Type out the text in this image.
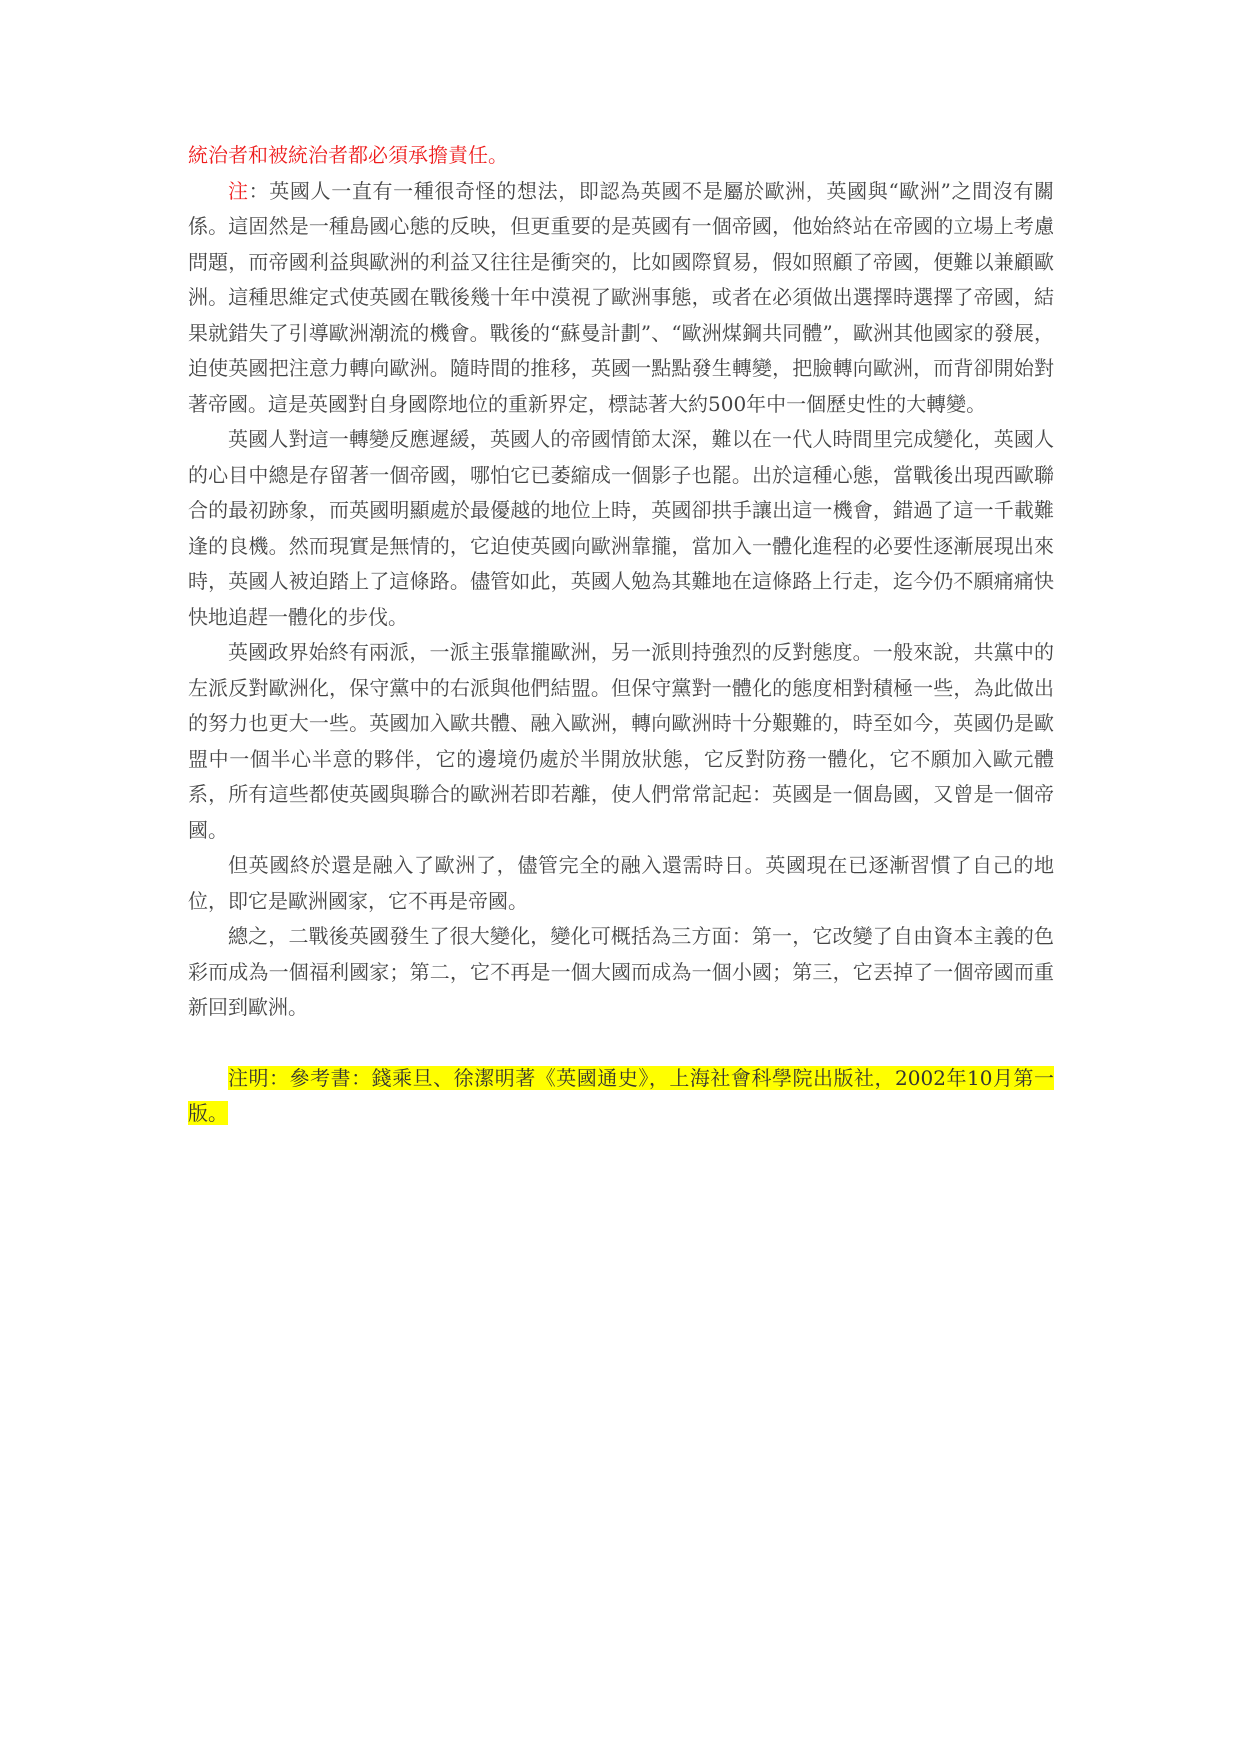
統治者和被統治者都必須承擔責任。

注：英國人一直有一種很奇怪的想法，即認為英國不是屬於歐洲，英國與“歐洲”之間沒有關係。這固然是一種島國心態的反映，但更重要的是英國有一個帝國，他始終站在帝國的立場上考慮問題，而帝國利益與歐洲的利益又往往是衝突的，比如國際貿易，假如照顧了帝國，便難以兼顧歐洲。這種思維定式使英國在戰後幾十年中漠視了歐洲事態，或者在必須做出選擇時選擇了帝國，結果就錯失了引導歐洲潮流的機會。戰後的“蘇曼計劃”、“歐洲煤鋼共同體”，歐洲其他國家的發展，迫使英國把注意力轉向歐洲。隨時間的推移，英國一點點發生轉變，把臉轉向歐洲，而背卻開始對著帝國。這是英國對自身國際地位的重新界定，標誌著大約500年中一個歷史性的大轉變。

英國人對這一轉變反應遲緩，英國人的帝國情節太深，難以在一代人時間里完成變化，英國人的心目中總是存留著一個帝國，哪怕它已萎縮成一個影子也罷。出於這種心態，當戰後出現西歐聯合的最初跡象，而英國明顯處於最優越的地位上時，英國卻拱手讓出這一機會，錯過了這一千載難逢的良機。然而現實是無情的，它迫使英國向歐洲靠攏，當加入一體化進程的必要性逐漸展現出來時，英國人被迫踏上了這條路。儘管如此，英國人勉為其難地在這條路上行走，迄今仍不願痛痛快快地追趕一體化的步伐。

英國政界始終有兩派，一派主張靠攏歐洲，另一派則持強烈的反對態度。一般來說，共黨中的左派反對歐洲化，保守黨中的右派與他們結盟。但保守黨對一體化的態度相對積極一些，為此做出的努力也更大一些。英國加入歐共體、融入歐洲，轉向歐洲時十分艱難的，時至如今，英國仍是歐盟中一個半心半意的夥伴，它的邊境仍處於半開放狀態，它反對防務一體化，它不願加入歐元體系，所有這些都使英國與聯合的歐洲若即若離，使人們常常記起：英國是一個島國，又曾是一個帝國。

但英國終於還是融入了歐洲了，儘管完全的融入還需時日。英國現在已逐漸習慣了自己的地位，即它是歐洲國家，它不再是帝國。

總之，二戰後英國發生了很大變化，變化可概括為三方面：第一，它改變了自由資本主義的色彩而成為一個福利國家；第二，它不再是一個大國而成為一個小國；第三，它丟掉了一個帝國而重新回到歐洲。

注明：參考書：錢乘旦、徐潔明著《英國通史》，上海社會科學院出版社，2002年10月第一版。
